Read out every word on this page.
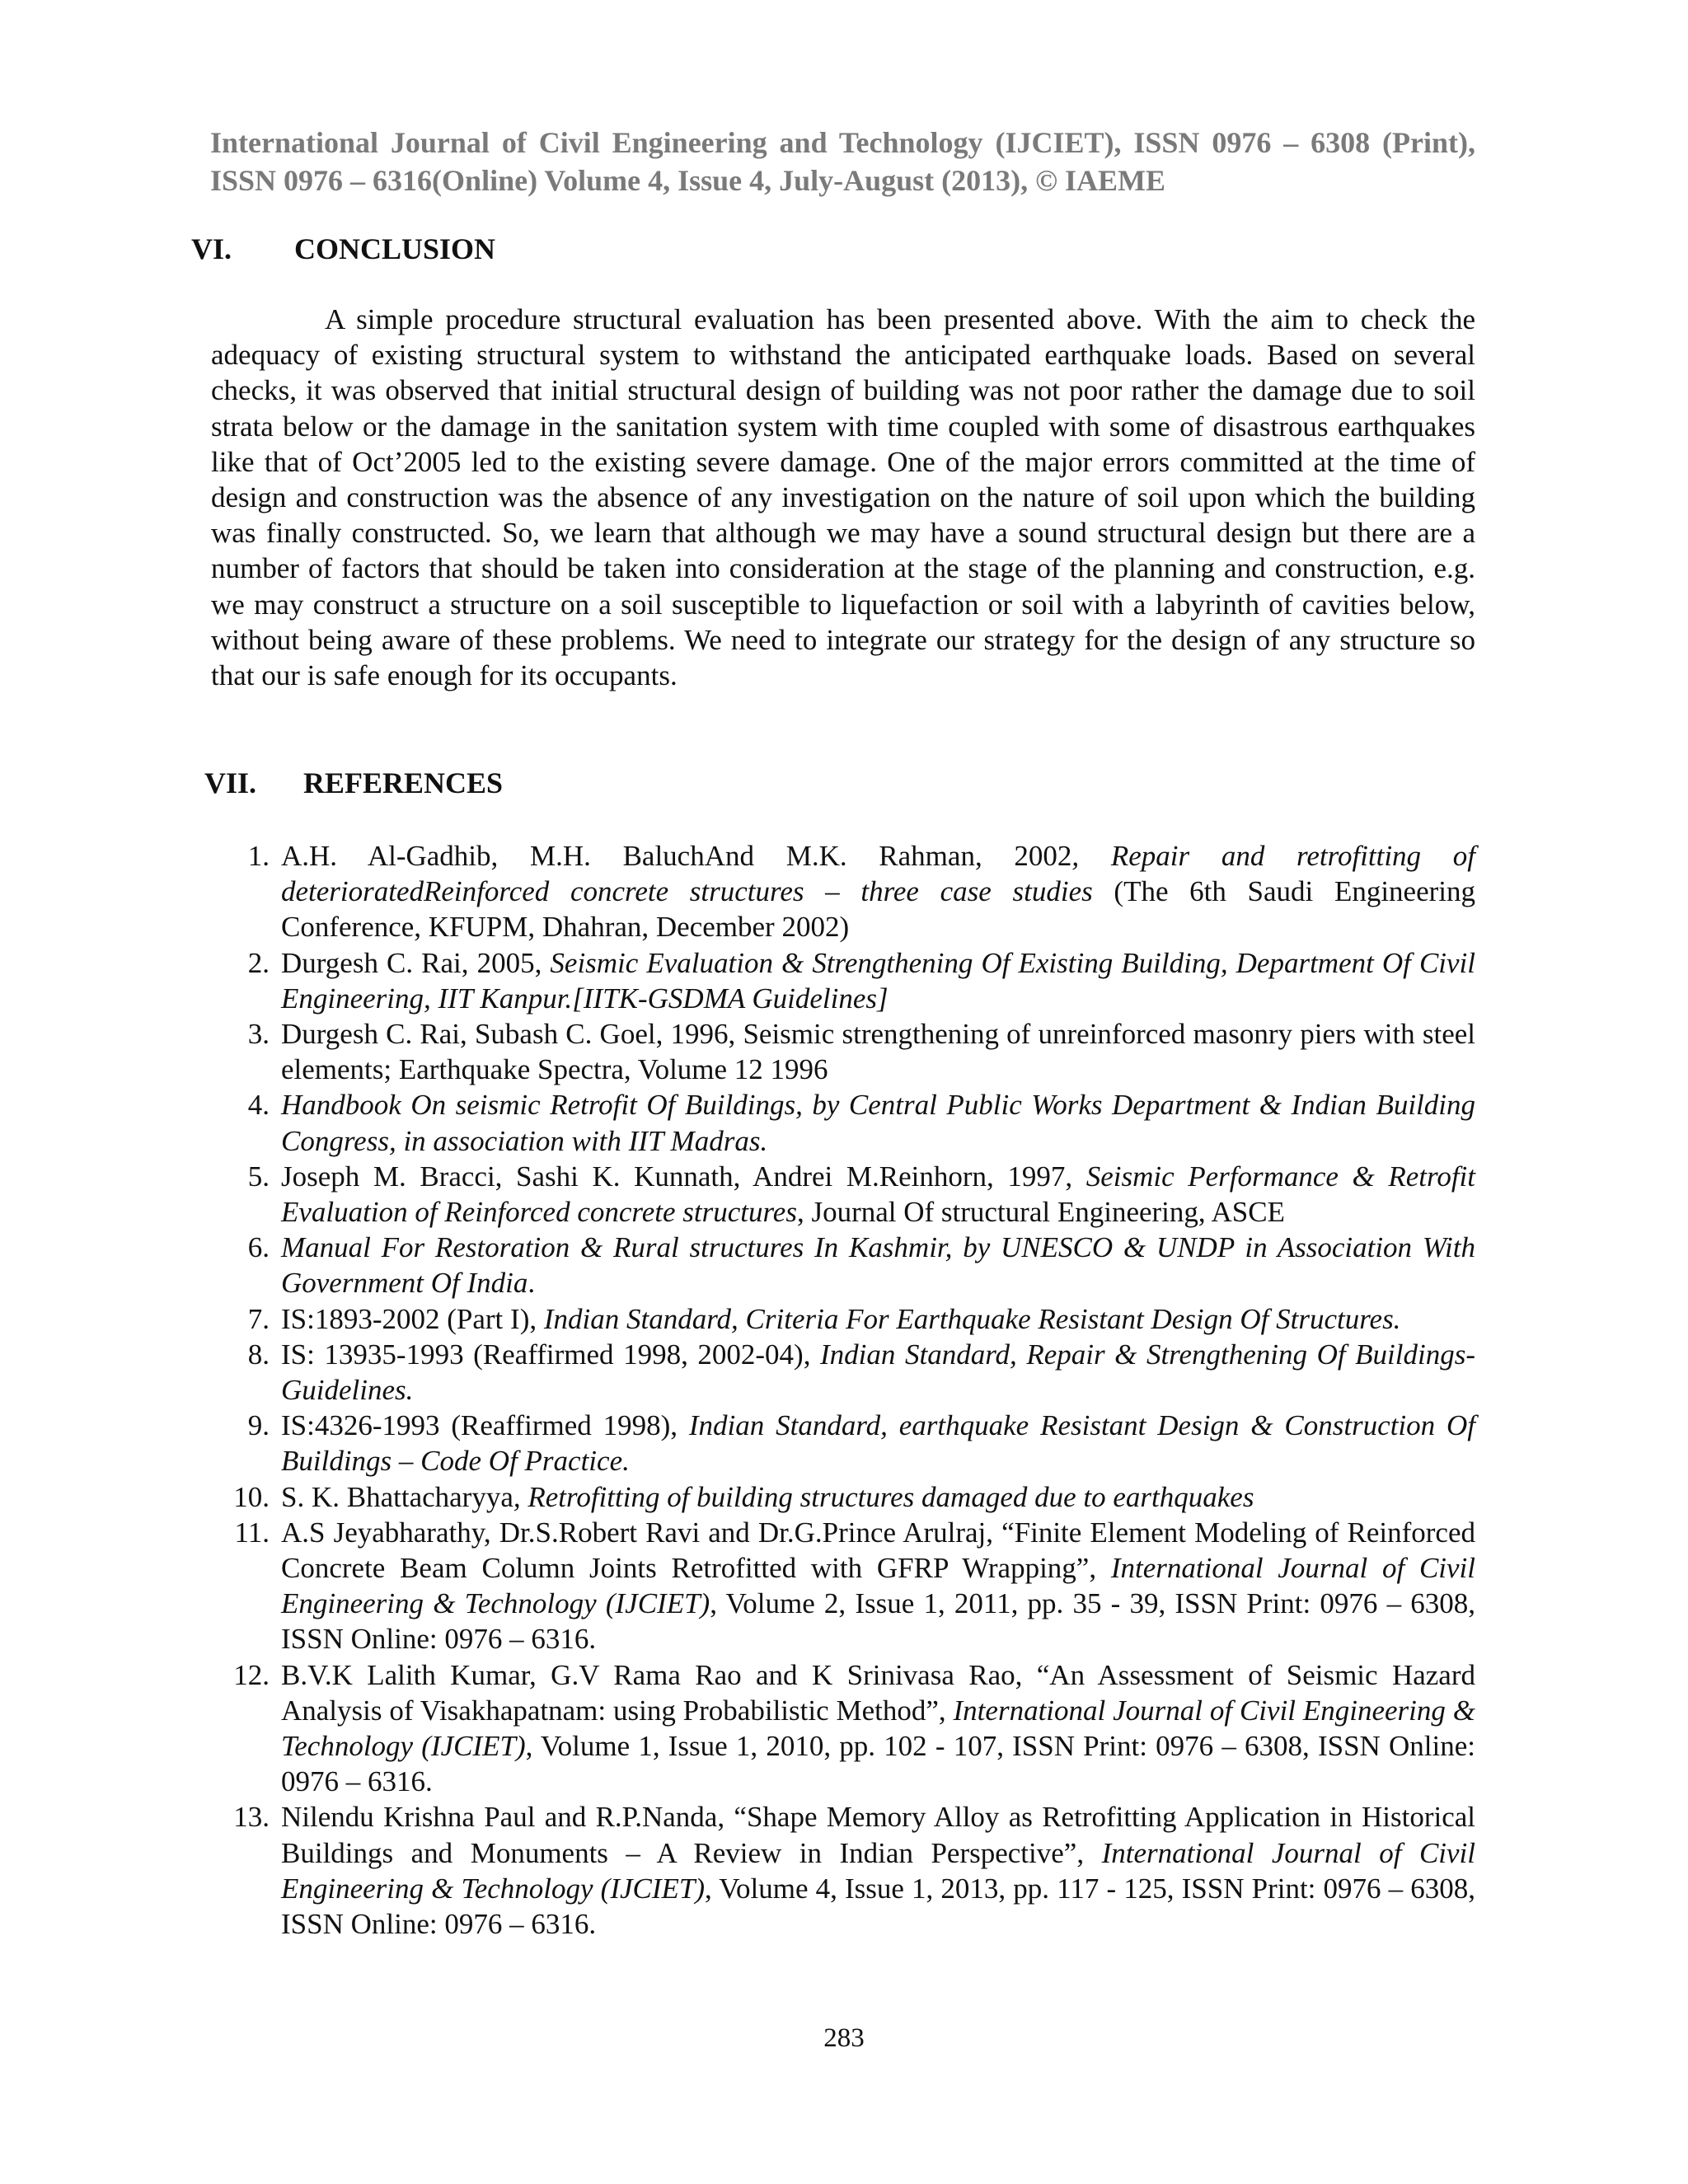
International Journal of Civil Engineering and Technology (IJCIET), ISSN 0976 – 6308 (Print), ISSN 0976 – 6316(Online) Volume 4, Issue 4, July-August (2013), © IAEME
VI.	CONCLUSION

A simple procedure structural evaluation has been presented above. With the aim to check the adequacy of existing structural system to withstand the anticipated earthquake loads. Based on several checks, it was observed that initial structural design of building was not poor rather the damage due to soil strata below or the damage in the sanitation system with time coupled with some of disastrous earthquakes like that of Oct’2005 led to the existing severe damage. One of the major errors committed at the time of design and construction was the absence of any investigation on the nature of soil upon which the building was finally constructed. So, we learn that although we may have a sound structural design but there are a number of factors that should be taken into consideration at the stage of the planning and construction, e.g. we may construct a structure on a soil susceptible to liquefaction or soil with a labyrinth of cavities below, without being aware of these problems. We need to integrate our strategy for the design of any structure so that our is safe enough for its occupants.

VII.	REFERENCES
1. A.H. Al-Gadhib, M.H. BaluchAnd M.K. Rahman, 2002, Repair and retrofitting of deterioratedReinforced concrete structures – three case studies (The 6th Saudi Engineering Conference, KFUPM, Dhahran, December 2002)
2. Durgesh C. Rai, 2005, Seismic Evaluation & Strengthening Of Existing Building, Department Of Civil Engineering, IIT Kanpur.[IITK-GSDMA Guidelines]
3. Durgesh C. Rai, Subash C. Goel, 1996, Seismic strengthening of unreinforced masonry piers with steel elements; Earthquake Spectra, Volume 12 1996
4. Handbook On seismic Retrofit Of Buildings, by Central Public Works Department & Indian Building Congress, in association with IIT Madras.
5. Joseph M. Bracci, Sashi K. Kunnath, Andrei M.Reinhorn, 1997, Seismic Performance & Retrofit Evaluation of Reinforced concrete structures, Journal Of structural Engineering, ASCE
6. Manual For Restoration & Rural structures In Kashmir, by UNESCO & UNDP in Association With Government Of India.
7. IS:1893-2002 (Part I), Indian Standard, Criteria For Earthquake Resistant Design Of Structures.
8. IS: 13935-1993 (Reaffirmed 1998, 2002-04), Indian Standard, Repair & Strengthening Of Buildings-Guidelines.
9. IS:4326-1993 (Reaffirmed 1998), Indian Standard, earthquake Resistant Design & Construction Of Buildings – Code Of Practice.
10. S. K. Bhattacharyya, Retrofitting of building structures damaged due to earthquakes
11. A.S Jeyabharathy, Dr.S.Robert Ravi and Dr.G.Prince Arulraj, “Finite Element Modeling of Reinforced Concrete Beam Column Joints Retrofitted with GFRP Wrapping”, International Journal of Civil Engineering & Technology (IJCIET), Volume 2, Issue 1, 2011, pp. 35 - 39, ISSN Print: 0976 – 6308, ISSN Online: 0976 – 6316.
12. B.V.K Lalith Kumar, G.V Rama Rao and K Srinivasa Rao, “An Assessment of Seismic Hazard Analysis of Visakhapatnam: using Probabilistic Method”, International Journal of Civil Engineering & Technology (IJCIET), Volume 1, Issue 1, 2010, pp. 102 - 107, ISSN Print: 0976 – 6308, ISSN Online: 0976 – 6316.
13. Nilendu Krishna Paul and R.P.Nanda, “Shape Memory Alloy as Retrofitting Application in Historical Buildings and Monuments – A Review in Indian Perspective”, International Journal of Civil Engineering & Technology (IJCIET), Volume 4, Issue 1, 2013, pp. 117 - 125, ISSN Print: 0976 – 6308, ISSN Online: 0976 – 6316.
283
